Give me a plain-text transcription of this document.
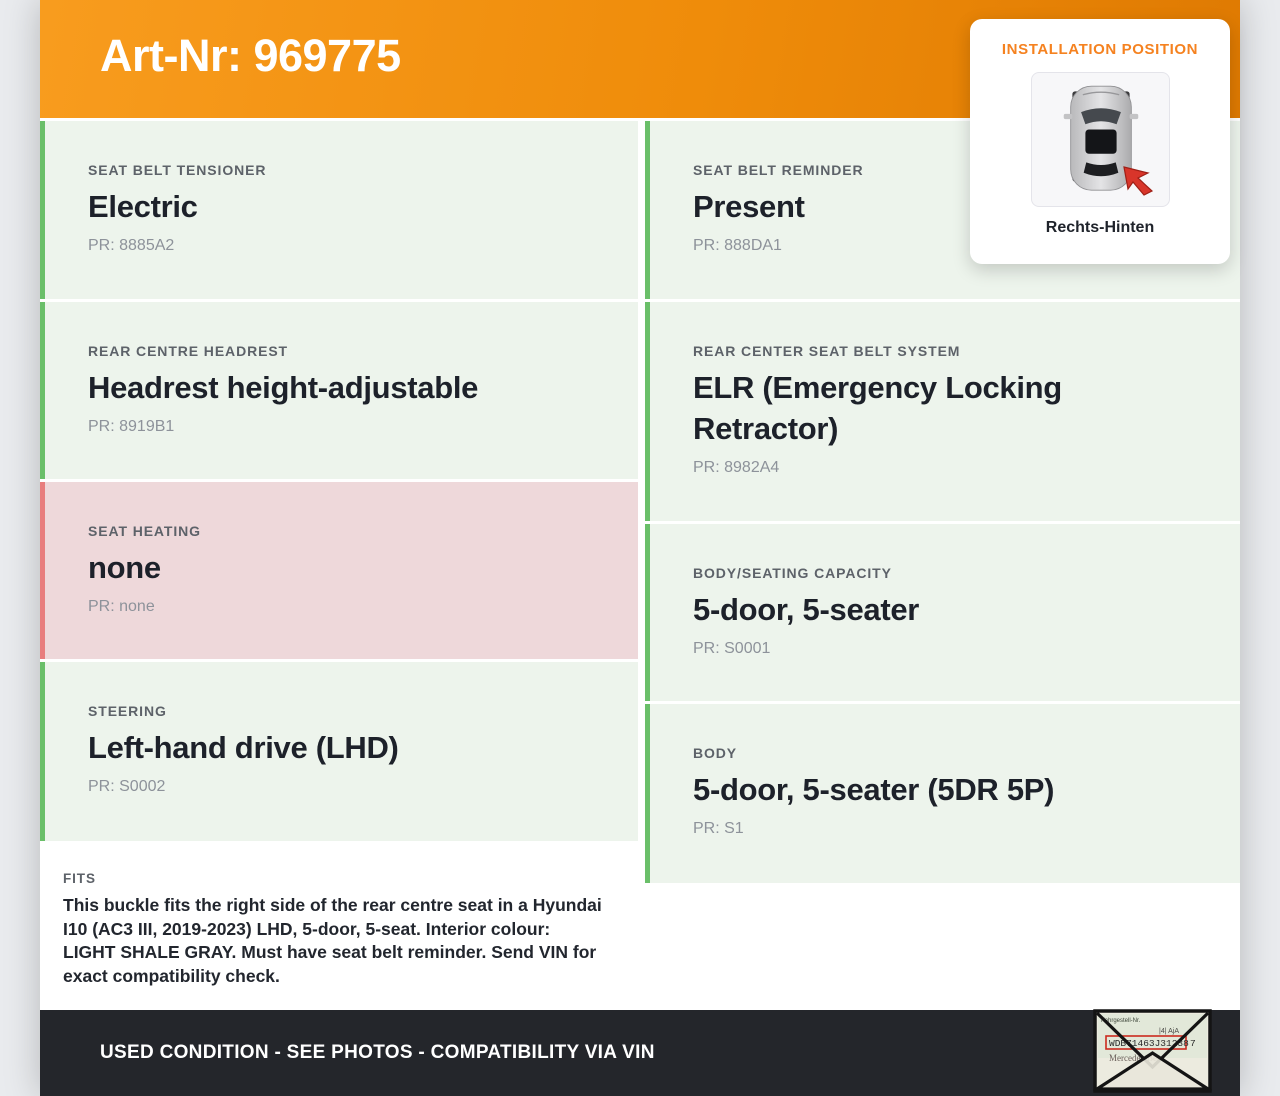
Art-Nr: 969775	INSTALLATION POSITION
Rechts-Hinten
SEAT BELT TENSIONER
Electric
PR: 8885A2
REAR CENTRE HEADREST
Headrest height-adjustable
PR: 8919B1
SEAT HEATING
none
PR: none
STEERING
Left-hand drive (LHD)
PR: S0002
FITS
This buckle fits the right side of the rear centre seat in a Hyundai I10 (AC3 III, 2019-2023) LHD, 5-door, 5-seat. Interior colour: LIGHT SHALE GRAY. Must have seat belt reminder. Send VIN for exact compatibility check.
SEAT BELT REMINDER
Present
PR: 888DA1
REAR CENTER SEAT BELT SYSTEM
ELR (Emergency Locking Retractor)
PR: 8982A4
BODY/SEATING CAPACITY
5-door, 5-seater
PR: S0001
BODY
5-door, 5-seater (5DR 5P)
PR: S1
USED CONDITION - SEE PHOTOS - COMPATIBILITY VIA VIN
Fahrgestell-Nr.
|4| AjA
WDB71463J31238 7
Mercedes-Benz
